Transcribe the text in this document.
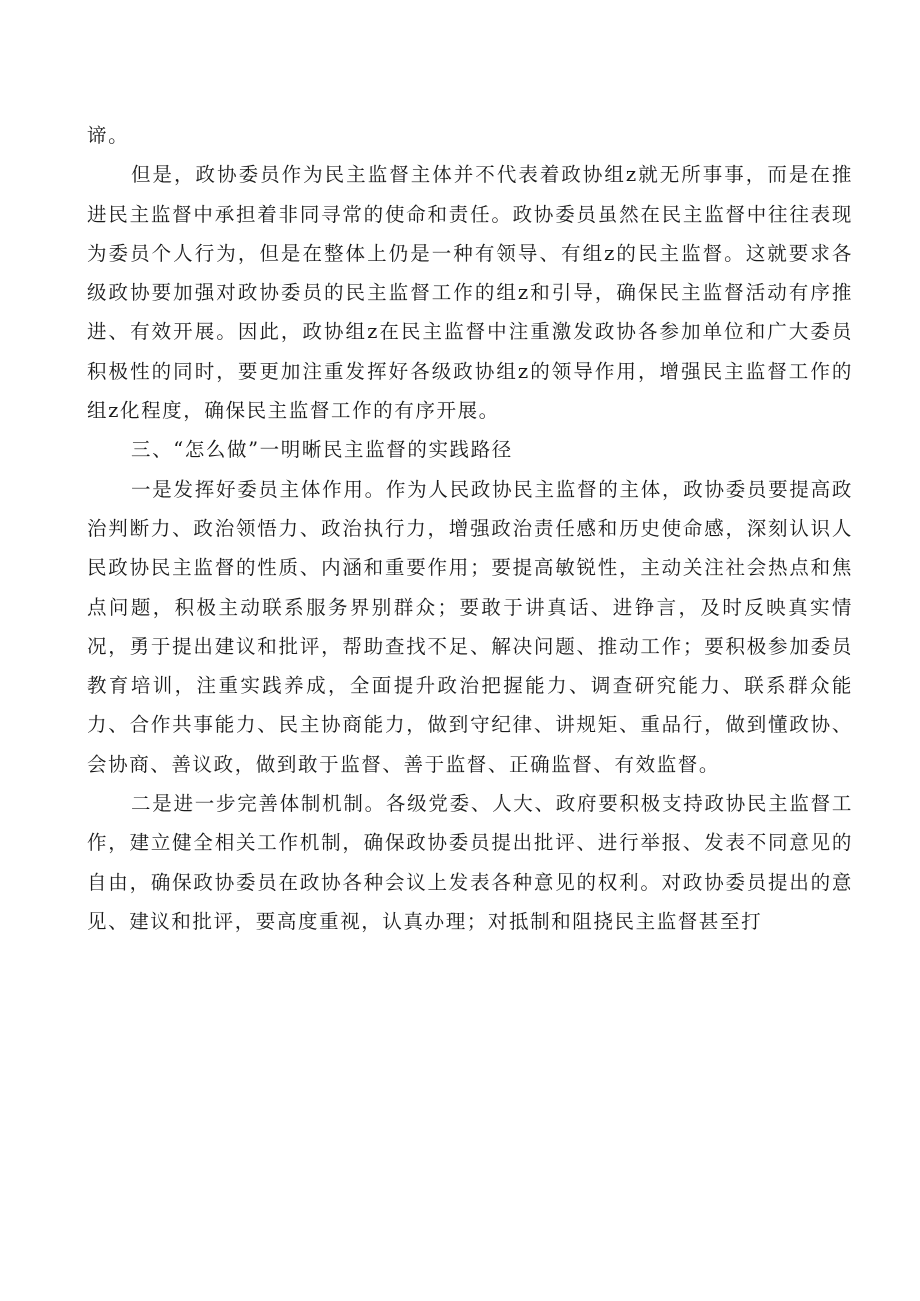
谛。

但是，政协委员作为民主监督主体并不代表着政协组z就无所事事，而是在推进民主监督中承担着非同寻常的使命和责任。政协委员虽然在民主监督中往往表现为委员个人行为，但是在整体上仍是一种有领导、有组z的民主监督。这就要求各级政协要加强对政协委员的民主监督工作的组z和引导，确保民主监督活动有序推进、有效开展。因此，政协组z在民主监督中注重激发政协各参加单位和广大委员积极性的同时，要更加注重发挥好各级政协组z的领导作用，增强民主监督工作的组z化程度，确保民主监督工作的有序开展。

三、“怎么做”一明晰民主监督的实践路径

一是发挥好委员主体作用。作为人民政协民主监督的主体，政协委员要提高政治判断力、政治领悟力、政治执行力，增强政治责任感和历史使命感，深刻认识人民政协民主监督的性质、内涵和重要作用；要提高敏锐性，主动关注社会热点和焦点问题，积极主动联系服务界别群众；要敢于讲真话、进铮言，及时反映真实情况，勇于提出建议和批评，帮助查找不足、解决问题、推动工作；要积极参加委员教育培训，注重实践养成，全面提升政治把握能力、调查研究能力、联系群众能力、合作共事能力、民主协商能力，做到守纪律、讲规矩、重品行，做到懂政协、会协商、善议政，做到敢于监督、善于监督、正确监督、有效监督。

二是进一步完善体制机制。各级党委、人大、政府要积极支持政协民主监督工作，建立健全相关工作机制，确保政协委员提出批评、进行举报、发表不同意见的自由，确保政协委员在政协各种会议上发表各种意见的权利。对政协委员提出的意见、建议和批评，要高度重视，认真办理；对抵制和阻挠民主监督甚至打
